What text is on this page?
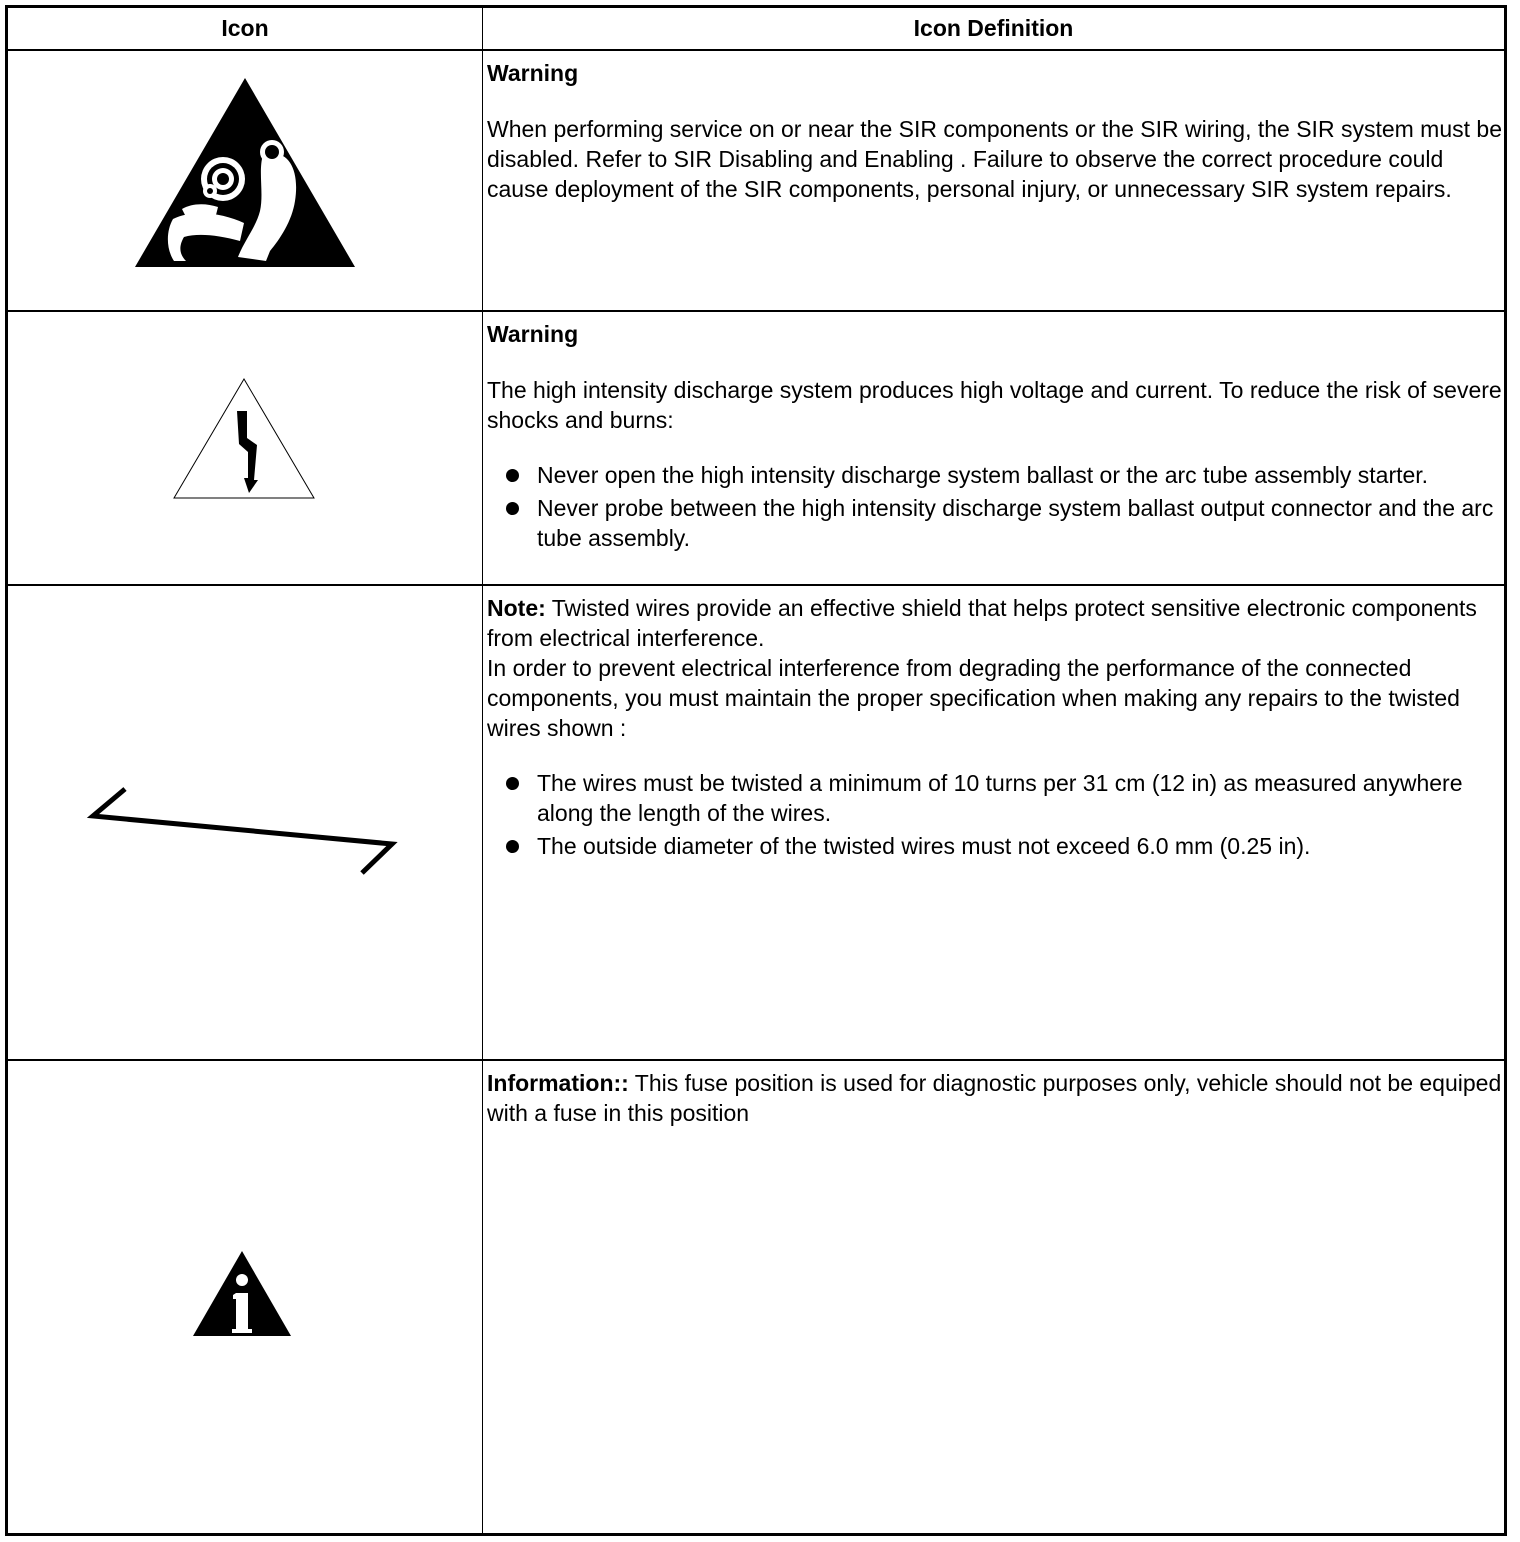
Icon	Icon Definition

Warning

When performing service on or near the SIR components or the SIR wiring, the SIR system must be disabled. Refer to SIR Disabling and Enabling . Failure to observe the correct procedure could cause deployment of the SIR components, personal injury, or unnecessary SIR system repairs.

Warning

The high intensity discharge system produces high voltage and current. To reduce the risk of severe shocks and burns:

Never open the high intensity discharge system ballast or the arc tube assembly starter.
Never probe between the high intensity discharge system ballast output connector and the arc tube assembly.

Note: Twisted wires provide an effective shield that helps protect sensitive electronic components from electrical interference.

In order to prevent electrical interference from degrading the performance of the connected components, you must maintain the proper specification when making any repairs to the twisted wires shown :

The wires must be twisted a minimum of 10 turns per 31 cm (12 in) as measured anywhere along the length of the wires.
The outside diameter of the twisted wires must not exceed 6.0 mm (0.25 in).

Information:: This fuse position is used for diagnostic purposes only, vehicle should not be equiped with a fuse in this position
